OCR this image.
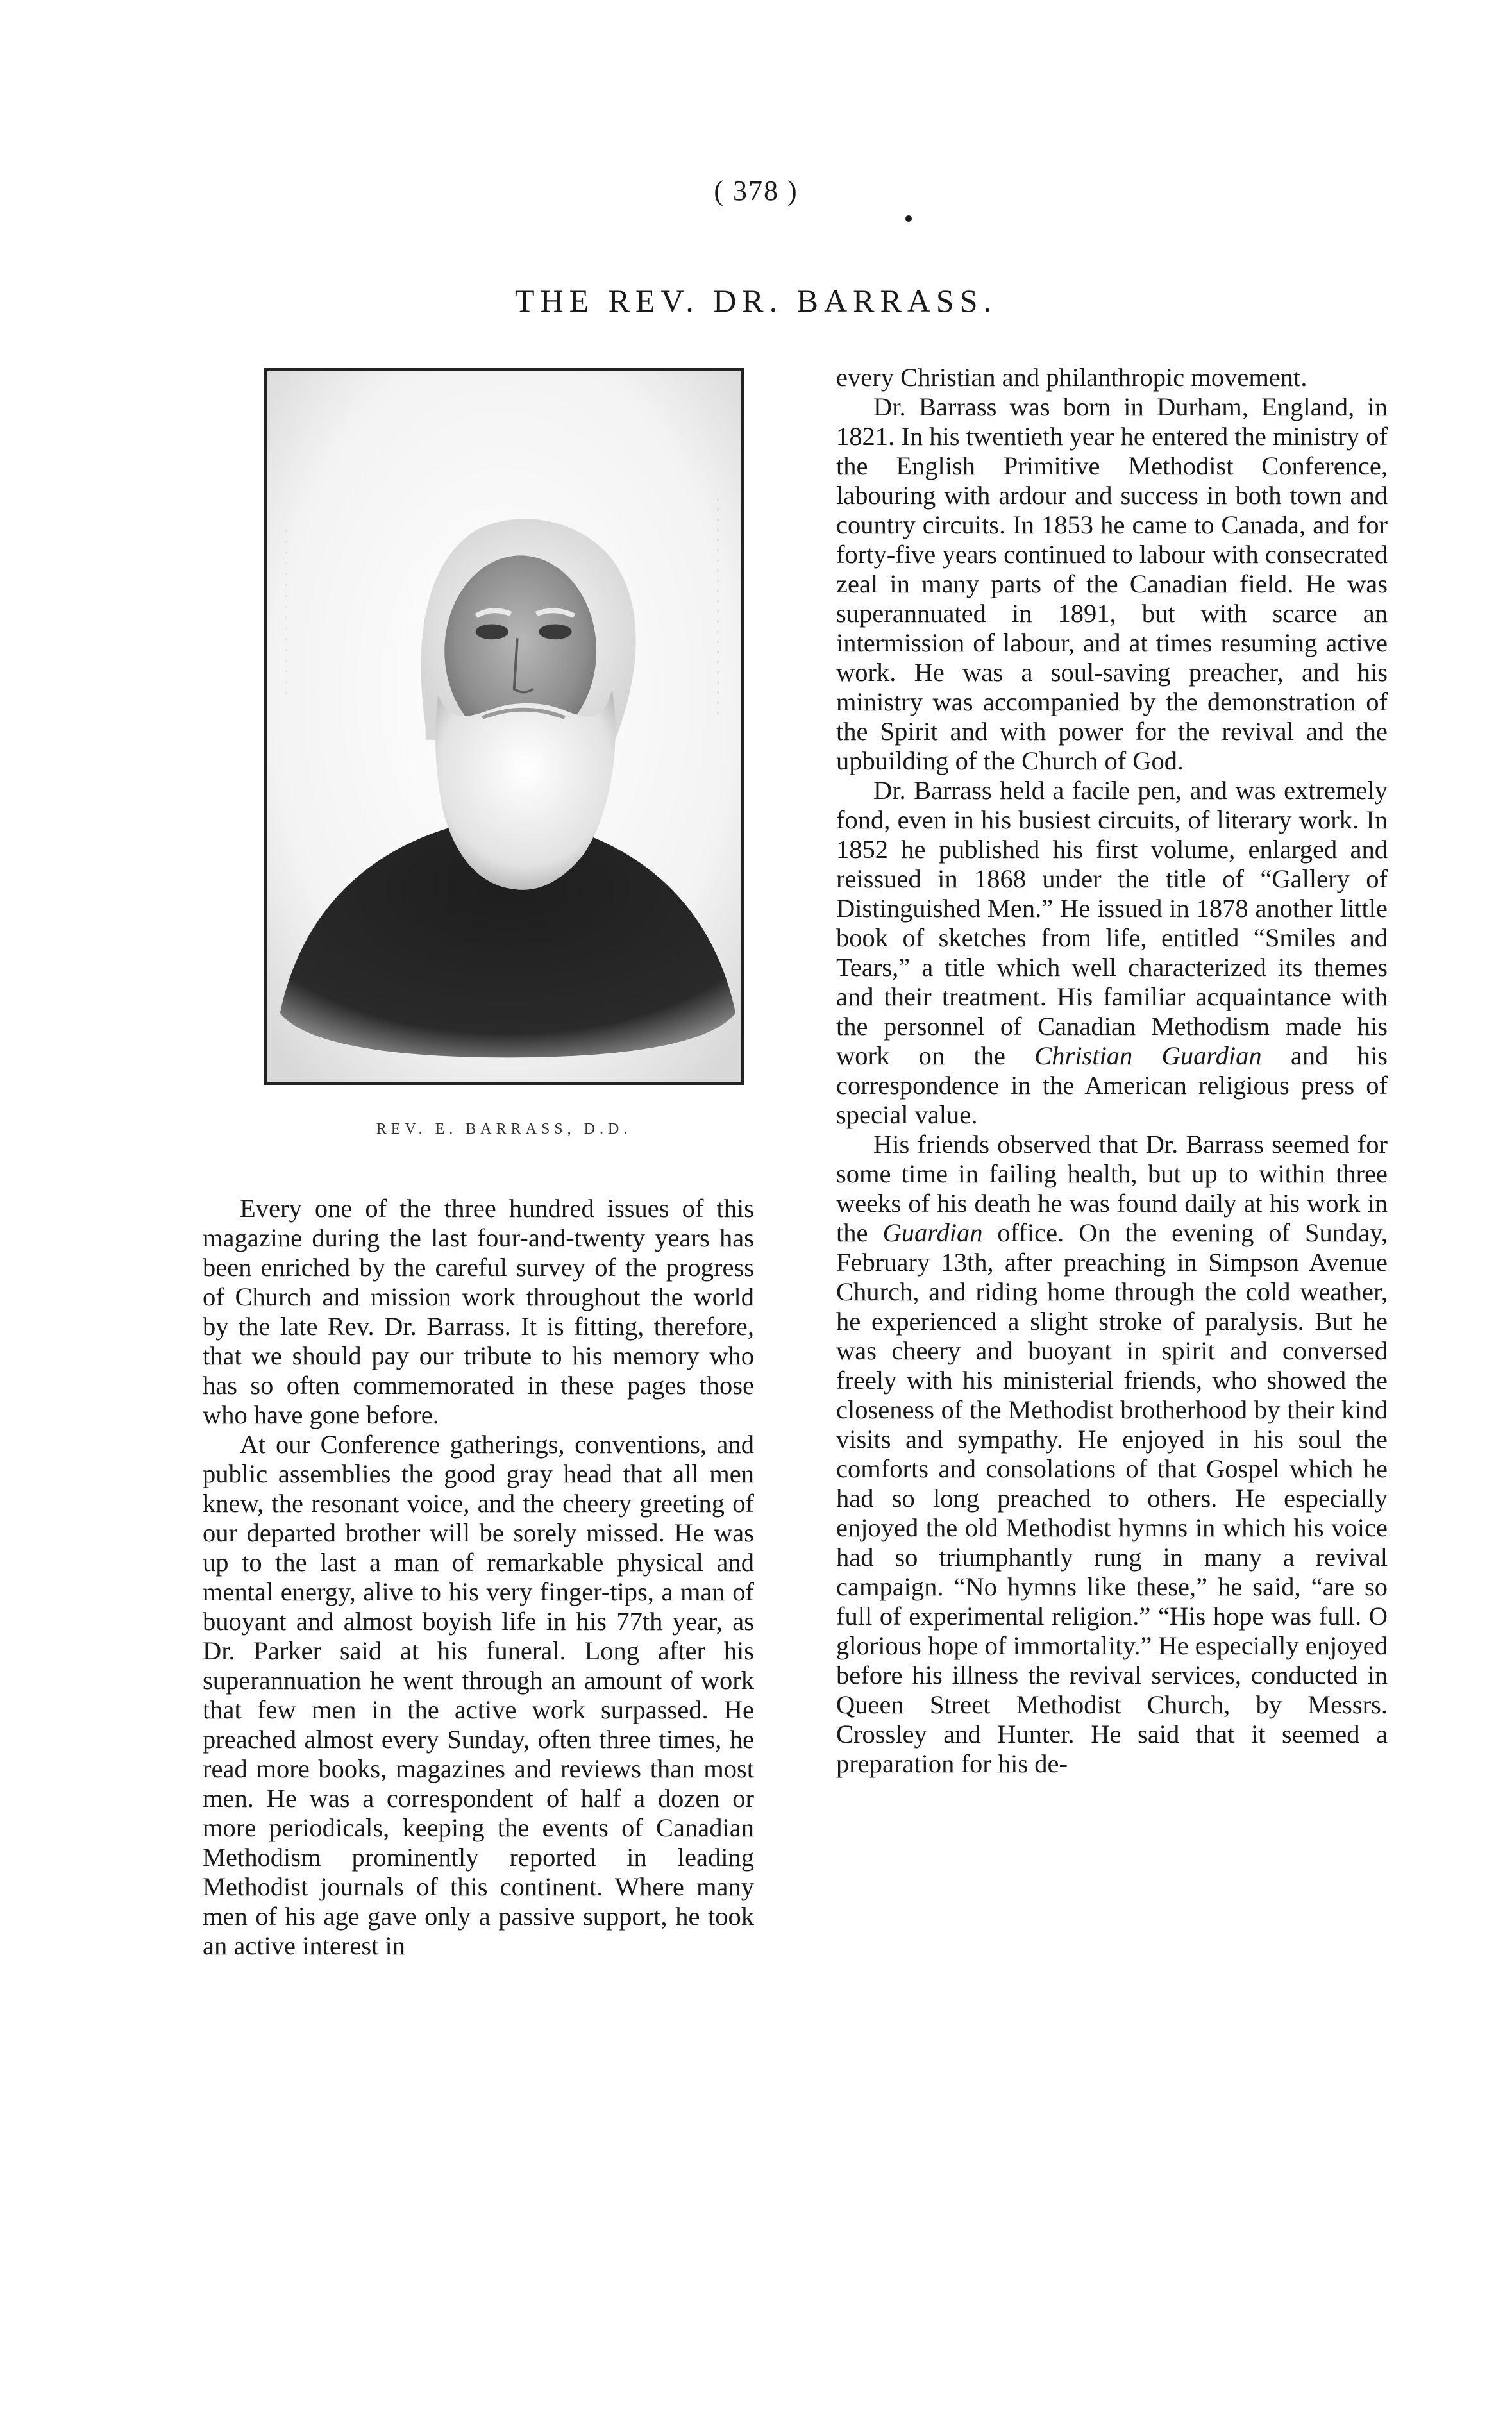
( 378 )
THE REV. DR. BARRASS.
REV. E. BARRASS, D.D.

Every one of the three hundred issues of this magazine during the last four-and-twenty years has been enriched by the careful survey of the progress of Church and mission work throughout the world by the late Rev. Dr. Barrass. It is fitting, therefore, that we should pay our tribute to his memory who has so often commemorated in these pages those who have gone before.

At our Conference gatherings, conventions, and public assemblies the good gray head that all men knew, the resonant voice, and the cheery greeting of our departed brother will be sorely missed. He was up to the last a man of remarkable physical and mental energy, alive to his very finger-tips, a man of buoyant and almost boyish life in his 77th year, as Dr. Parker said at his funeral. Long after his superannuation he went through an amount of work that few men in the active work surpassed. He preached almost every Sunday, often three times, he read more books, magazines and reviews than most men. He was a correspondent of half a dozen or more periodicals, keeping the events of Canadian Methodism prominently reported in leading Methodist journals of this continent. Where many men of his age gave only a passive support, he took an active interest in

every Christian and philanthropic movement.

Dr. Barrass was born in Durham, England, in 1821. In his twentieth year he entered the ministry of the English Primitive Methodist Conference, labouring with ardour and success in both town and country circuits. In 1853 he came to Canada, and for forty-five years continued to labour with consecrated zeal in many parts of the Canadian field. He was superannuated in 1891, but with scarce an intermission of labour, and at times resuming active work. He was a soul-saving preacher, and his ministry was accompanied by the demonstration of the Spirit and with power for the revival and the upbuilding of the Church of God.

Dr. Barrass held a facile pen, and was extremely fond, even in his busiest circuits, of literary work. In 1852 he published his first volume, enlarged and reissued in 1868 under the title of “Gallery of Distinguished Men.” He issued in 1878 another little book of sketches from life, entitled “Smiles and Tears,” a title which well characterized its themes and their treatment. His familiar acquaintance with the personnel of Canadian Methodism made his work on the Christian Guardian and his correspondence in the American religious press of special value.

His friends observed that Dr. Barrass seemed for some time in failing health, but up to within three weeks of his death he was found daily at his work in the Guardian office. On the evening of Sunday, February 13th, after preaching in Simpson Avenue Church, and riding home through the cold weather, he experienced a slight stroke of paralysis. But he was cheery and buoyant in spirit and conversed freely with his ministerial friends, who showed the closeness of the Methodist brotherhood by their kind visits and sympathy. He enjoyed in his soul the comforts and consolations of that Gospel which he had so long preached to others. He especially enjoyed the old Methodist hymns in which his voice had so triumphantly rung in many a revival campaign. “No hymns like these,” he said, “are so full of experimental religion.” “His hope was full. O glorious hope of immortality.” He especially enjoyed before his illness the revival services, conducted in Queen Street Methodist Church, by Messrs. Crossley and Hunter. He said that it seemed a preparation for his de-
